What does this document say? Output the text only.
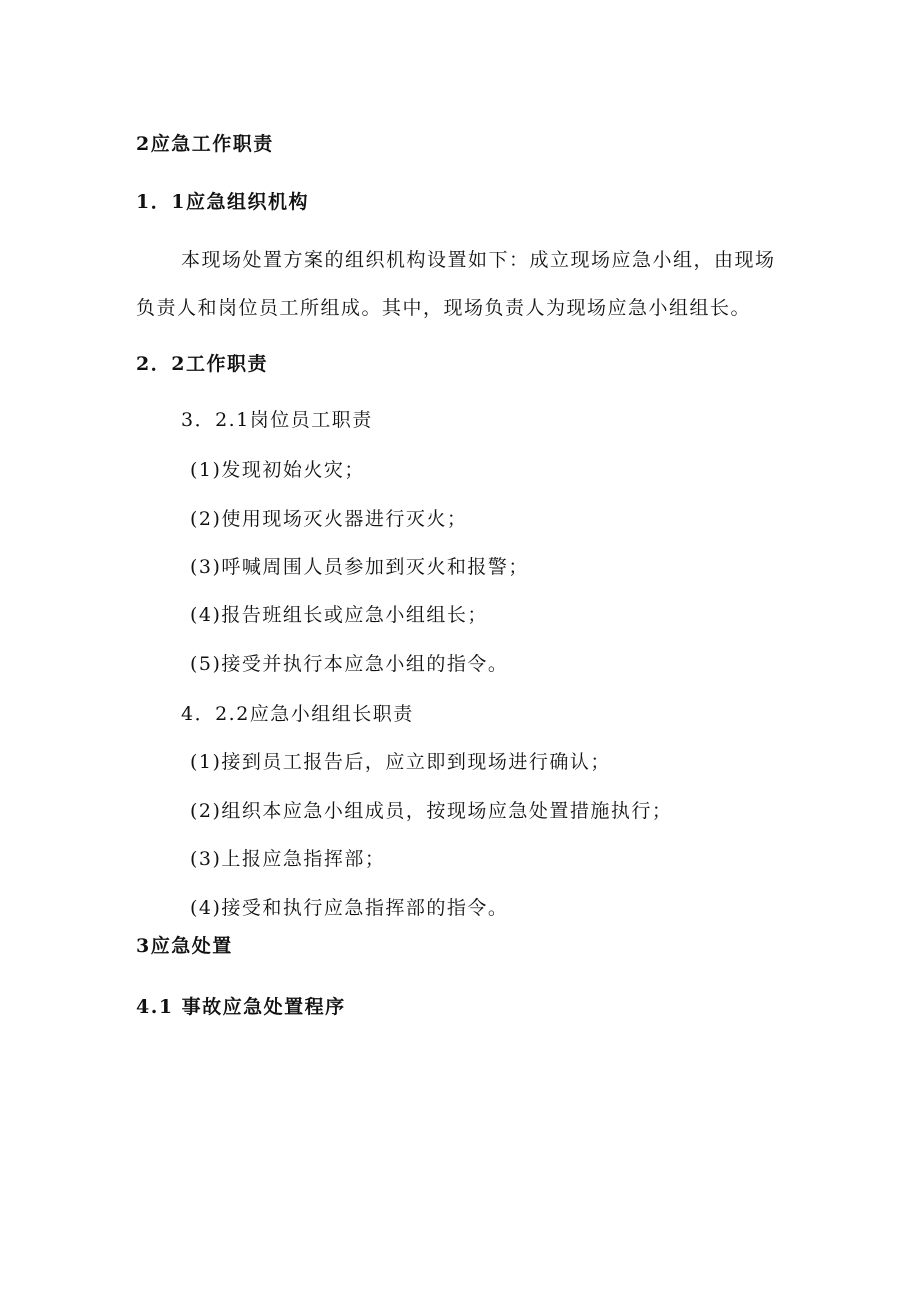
2应急工作职责
1．1应急组织机构
本现场处置方案的组织机构设置如下：成立现场应急小组，由现场
负责人和岗位员工所组成。其中，现场负责人为现场应急小组组长。
2．2工作职责
3．2.1岗位员工职责
(1)发现初始火灾；
(2)使用现场灭火器进行灭火；
(3)呼喊周围人员参加到灭火和报警；
(4)报告班组长或应急小组组长；
(5)接受并执行本应急小组的指令。
4．2.2应急小组组长职责
(1)接到员工报告后，应立即到现场进行确认；
(2)组织本应急小组成员，按现场应急处置措施执行；
(3)上报应急指挥部；
(4)接受和执行应急指挥部的指令。
3应急处置
4.1 事故应急处置程序
